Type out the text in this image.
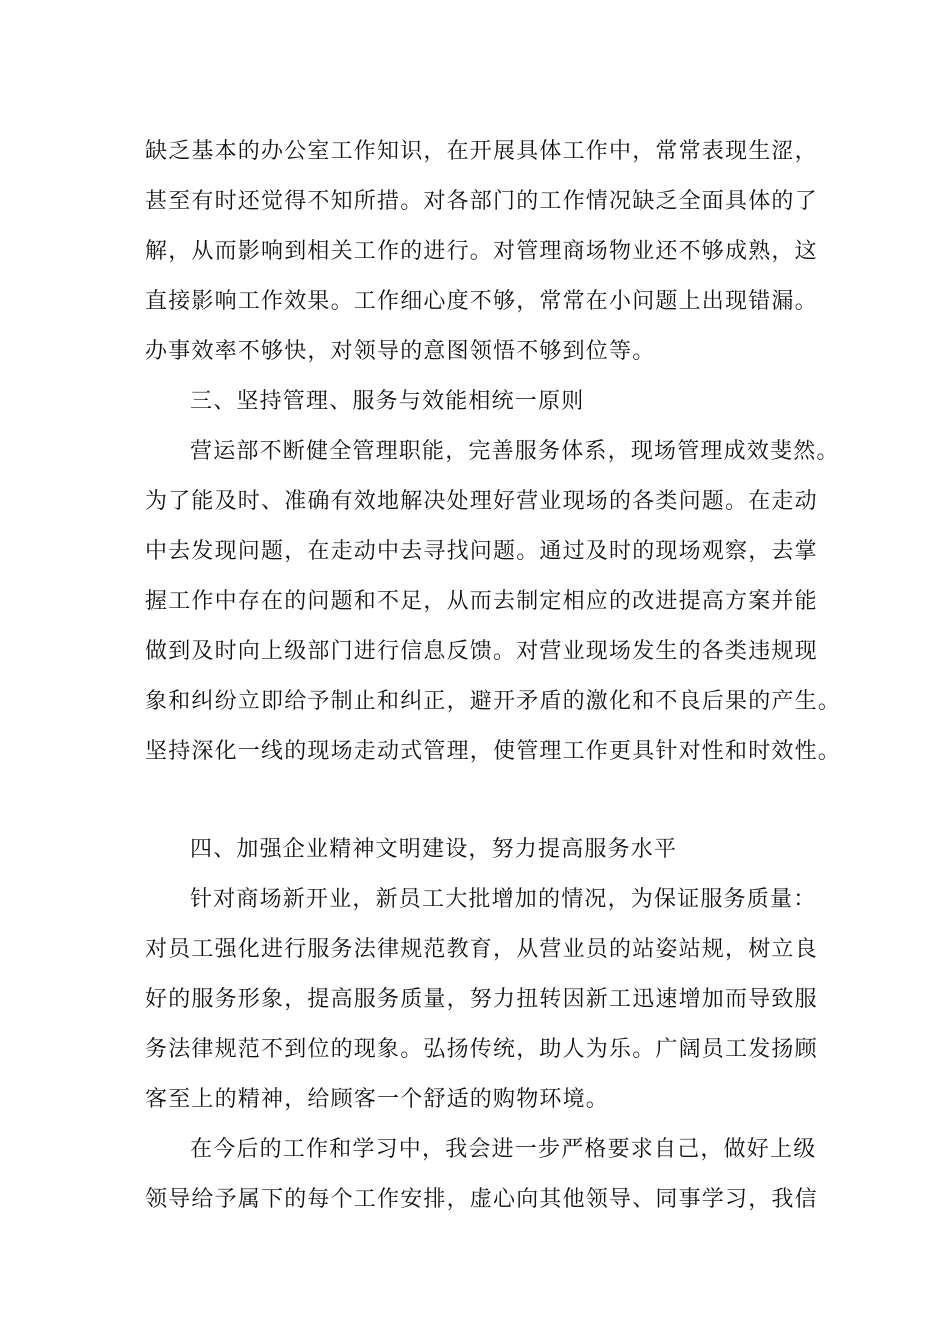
缺乏基本的办公室工作知识，在开展具体工作中，常常表现生涩，
甚至有时还觉得不知所措。对各部门的工作情况缺乏全面具体的了
解，从而影响到相关工作的进行。对管理商场物业还不够成熟，这
直接影响工作效果。工作细心度不够，常常在小问题上出现错漏。
办事效率不够快，对领导的意图领悟不够到位等。
三、坚持管理、服务与效能相统一原则
营运部不断健全管理职能，完善服务体系，现场管理成效斐然。
为了能及时、准确有效地解决处理好营业现场的各类问题。在走动
中去发现问题，在走动中去寻找问题。通过及时的现场观察，去掌
握工作中存在的问题和不足，从而去制定相应的改进提高方案并能
做到及时向上级部门进行信息反馈。对营业现场发生的各类违规现
象和纠纷立即给予制止和纠正，避开矛盾的激化和不良后果的产生。
坚持深化一线的现场走动式管理，使管理工作更具针对性和时效性。
四、加强企业精神文明建设，努力提高服务水平
针对商场新开业，新员工大批增加的情况，为保证服务质量：
对员工强化进行服务法律规范教育，从营业员的站姿站规，树立良
好的服务形象，提高服务质量，努力扭转因新工迅速增加而导致服
务法律规范不到位的现象。弘扬传统，助人为乐。广阔员工发扬顾
客至上的精神，给顾客一个舒适的购物环境。
在今后的工作和学习中，我会进一步严格要求自己，做好上级
领导给予属下的每个工作安排，虚心向其他领导、同事学习，我信
